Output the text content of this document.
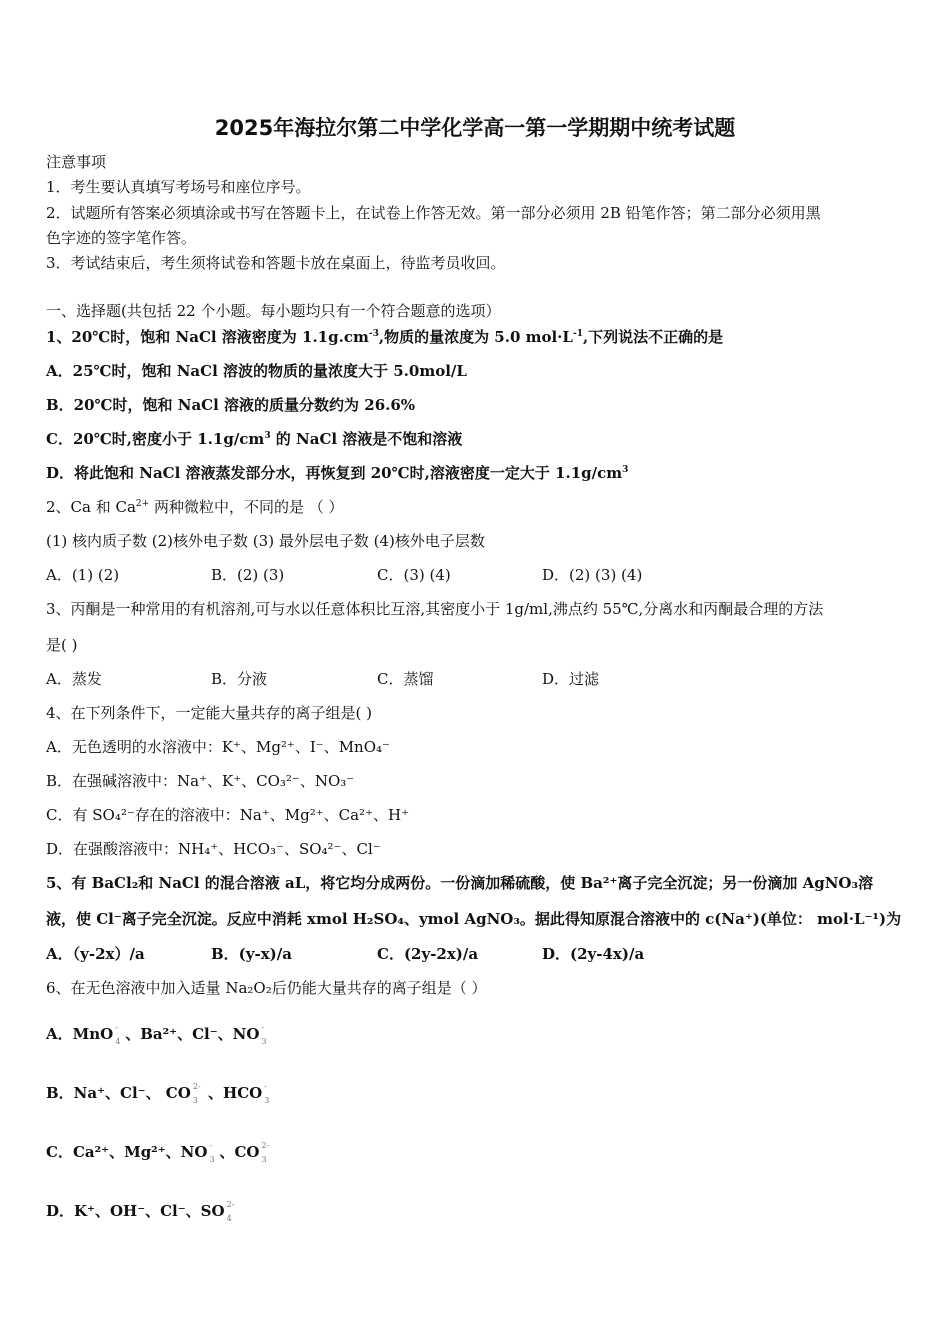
2025年海拉尔第二中学化学高一第一学期期中统考试题
注意事项
1．考生要认真填写考场号和座位序号。
2．试题所有答案必须填涂或书写在答题卡上，在试卷上作答无效。第一部分必须用 2B 铅笔作答；第二部分必须用黑
色字迹的签字笔作答。
3．考试结束后，考生须将试卷和答题卡放在桌面上，待监考员收回。
一、选择题(共包括 22 个小题。每小题均只有一个符合题意的选项）
1、20℃时，饱和 NaCl 溶液密度为 $1.1g.cm^{-3}$,物质的量浓度为 5.0 $mol\cdot L^{-1}$,下列说法不正确的是
A．25℃时，饱和 NaCl 溶波的物质的量浓度大于 5.0mol/L
B．20℃时，饱和 NaCl 溶液的质量分数约为 26.6%
C．20℃时,密度小于 $1.1g/cm^3$ 的 NaCl 溶液是不饱和溶液
D．将此饱和 NaCl 溶液蒸发部分水，再恢复到 20℃时,溶液密度一定大于 $1.1g/cm^3$
2、Ca 和 $Ca^{2+}$ 两种微粒中，不同的是 （ ）
(1) 核内质子数 (2)核外电子数 (3) 最外层电子数 (4)核外电子层数
A．(1) (2)	B．(2) (3)	C．(3) (4)	D．(2) (3) (4)
3、丙酮是一种常用的有机溶剂,可与水以任意体积比互溶,其密度小于 1g/ml,沸点约 55℃,分离水和丙酮最合理的方法
是( )
A．蒸发	B．分液	C．蒸馏	D．过滤
4、在下列条件下，一定能大量共存的离子组是( )
A．无色透明的水溶液中：K⁺、Mg²⁺、I⁻、MnO₄⁻
B．在强碱溶液中：Na⁺、K⁺、CO₃²⁻、NO₃⁻
C．有 SO₄²⁻存在的溶液中：Na⁺、Mg²⁺、Ca²⁺、H⁺
D．在强酸溶液中：NH₄⁺、HCO₃⁻、SO₄²⁻、Cl⁻
5、有 BaCl₂和 NaCl 的混合溶液 aL，将它均分成两份。一份滴加稀硫酸，使 Ba²⁺离子完全沉淀；另一份滴加 AgNO₃溶
液，使 Cl⁻离子完全沉淀。反应中消耗 xmol H₂SO₄、ymol AgNO₃。据此得知原混合溶液中的 c(Na⁺)(单位： mol·L⁻¹)为
A．（y-2x）/a	B．(y-x)/a	C．(2y-2x)/a	D．(2y-4x)/a
6、在无色溶液中加入适量 Na₂O₂后仍能大量共存的离子组是（ ）
A．MnO -
4 、Ba²⁺、Cl⁻、NO -
3
B．Na⁺、Cl⁻、 CO 2-
3 、HCO -
3
C．Ca²⁺、Mg²⁺、NO -
3 、CO 2-
3
D．K⁺、OH⁻、Cl⁻、SO 2-
4
